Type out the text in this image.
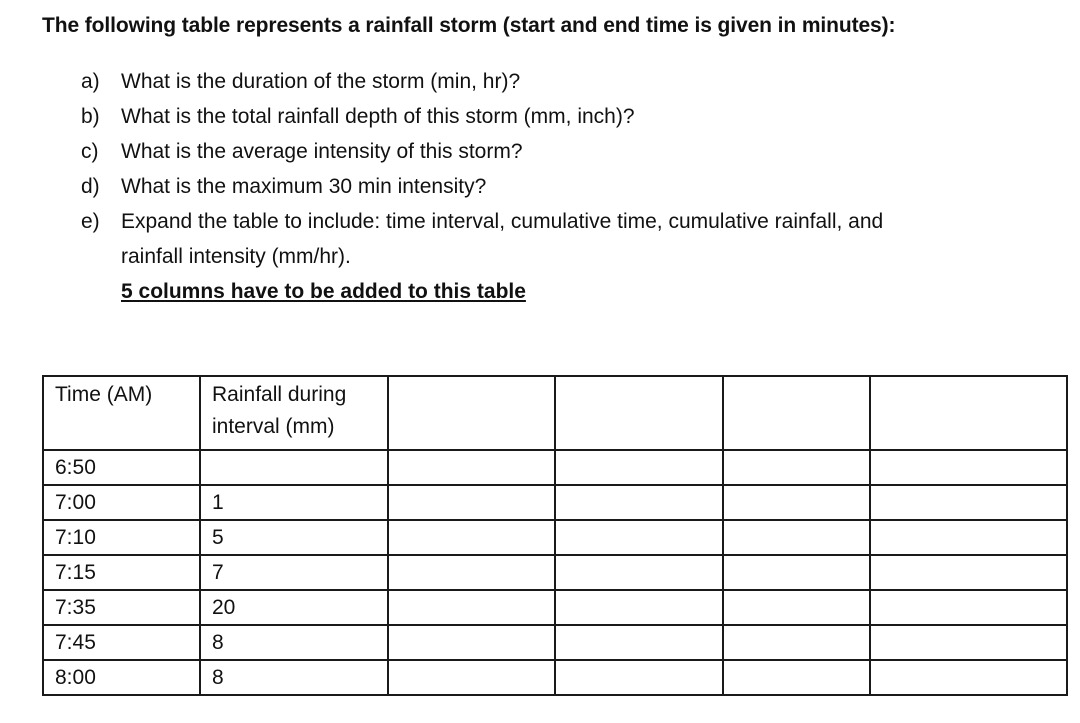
The following table represents a rainfall storm (start and end time is given in minutes):
a)	What is the duration of the storm (min, hr)?
b)	What is the total rainfall depth of this storm (mm, inch)?
c)	What is the average intensity of this storm?
d)	What is the maximum 30 min intensity?
e)	Expand the table to include: time interval, cumulative time, cumulative rainfall, and
rainfall intensity (mm/hr).
5 columns have to be added to this table
Time (AM)	Rainfall during interval (mm)				
6:50					
7:00	1				
7:10	5				
7:15	7				
7:35	20				
7:45	8				
8:00	8				
